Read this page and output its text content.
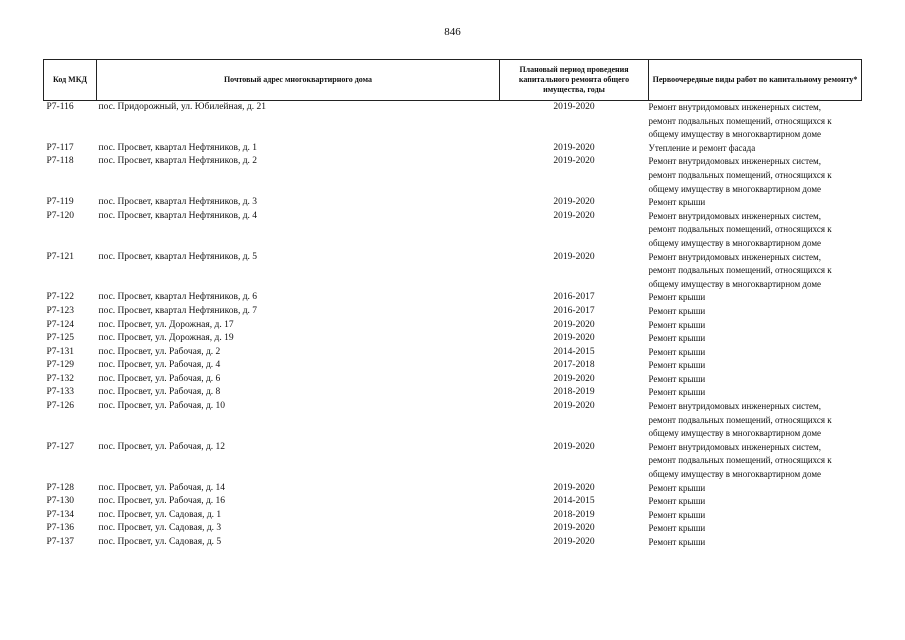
846
Код МКД	Почтовый адрес многоквартирного дома	Плановый период проведения капитального ремонта общего имущества, годы	Первоочередные виды работ по капитальному ремонту*
Р7-116	пос. Придорожный, ул. Юбилейная, д. 21	2019-2020	Ремонт внутридомовых инженерных систем,
ремонт подвальных помещений, относящихся к
общему имуществу в многоквартирном доме

Р7-117	пос. Просвет, квартал Нефтяников, д. 1	2019-2020	Утепление и ремонт фасада

Р7-118	пос. Просвет, квартал Нефтяников, д. 2	2019-2020	Ремонт внутридомовых инженерных систем,
ремонт подвальных помещений, относящихся к
общему имуществу в многоквартирном доме

Р7-119	пос. Просвет, квартал Нефтяников, д. 3	2019-2020	Ремонт крыши

Р7-120	пос. Просвет, квартал Нефтяников, д. 4	2019-2020	Ремонт внутридомовых инженерных систем,
ремонт подвальных помещений, относящихся к
общему имуществу в многоквартирном доме

Р7-121	пос. Просвет, квартал Нефтяников, д. 5	2019-2020	Ремонт внутридомовых инженерных систем,
ремонт подвальных помещений, относящихся к
общему имуществу в многоквартирном доме

Р7-122	пос. Просвет, квартал Нефтяников, д. 6	2016-2017	Ремонт крыши

Р7-123	пос. Просвет, квартал Нефтяников, д. 7	2016-2017	Ремонт крыши

Р7-124	пос. Просвет, ул. Дорожная, д. 17	2019-2020	Ремонт крыши

Р7-125	пос. Просвет, ул. Дорожная, д. 19	2019-2020	Ремонт крыши

Р7-131	пос. Просвет, ул. Рабочая, д. 2	2014-2015	Ремонт крыши

Р7-129	пос. Просвет, ул. Рабочая, д. 4	2017-2018	Ремонт крыши

Р7-132	пос. Просвет, ул. Рабочая, д. 6	2019-2020	Ремонт крыши

Р7-133	пос. Просвет, ул. Рабочая, д. 8	2018-2019	Ремонт крыши

Р7-126	пос. Просвет, ул. Рабочая, д. 10	2019-2020	Ремонт внутридомовых инженерных систем,
ремонт подвальных помещений, относящихся к
общему имуществу в многоквартирном доме

Р7-127	пос. Просвет, ул. Рабочая, д. 12	2019-2020	Ремонт внутридомовых инженерных систем,
ремонт подвальных помещений, относящихся к
общему имуществу в многоквартирном доме

Р7-128	пос. Просвет, ул. Рабочая, д. 14	2019-2020	Ремонт крыши

Р7-130	пос. Просвет, ул. Рабочая, д. 16	2014-2015	Ремонт крыши

Р7-134	пос. Просвет, ул. Садовая, д. 1	2018-2019	Ремонт крыши

Р7-136	пос. Просвет, ул. Садовая, д. 3	2019-2020	Ремонт крыши

Р7-137	пос. Просвет, ул. Садовая, д. 5	2019-2020	Ремонт крыши
